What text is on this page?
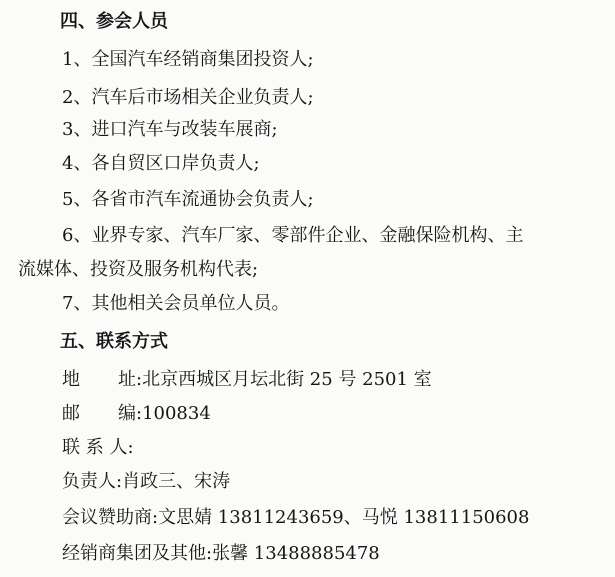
四、参会人员
1、全国汽车经销商集团投资人;
2、汽车后市场相关企业负责人;
3、进口汽车与改装车展商;
4、各自贸区口岸负责人;
5、各省市汽车流通协会负责人;
6、业界专家、汽车厂家、零部件企业、金融保险机构、主
流媒体、投资及服务机构代表;
7、其他相关会员单位人员。
五、联系方式
地 址:北京西城区月坛北街 25 号 2501 室
邮 编:100834
联 系 人:
负责人:肖政三、宋涛
会议赞助商:文思婧 13811243659、马悦 13811150608
经销商集团及其他:张馨 13488885478
